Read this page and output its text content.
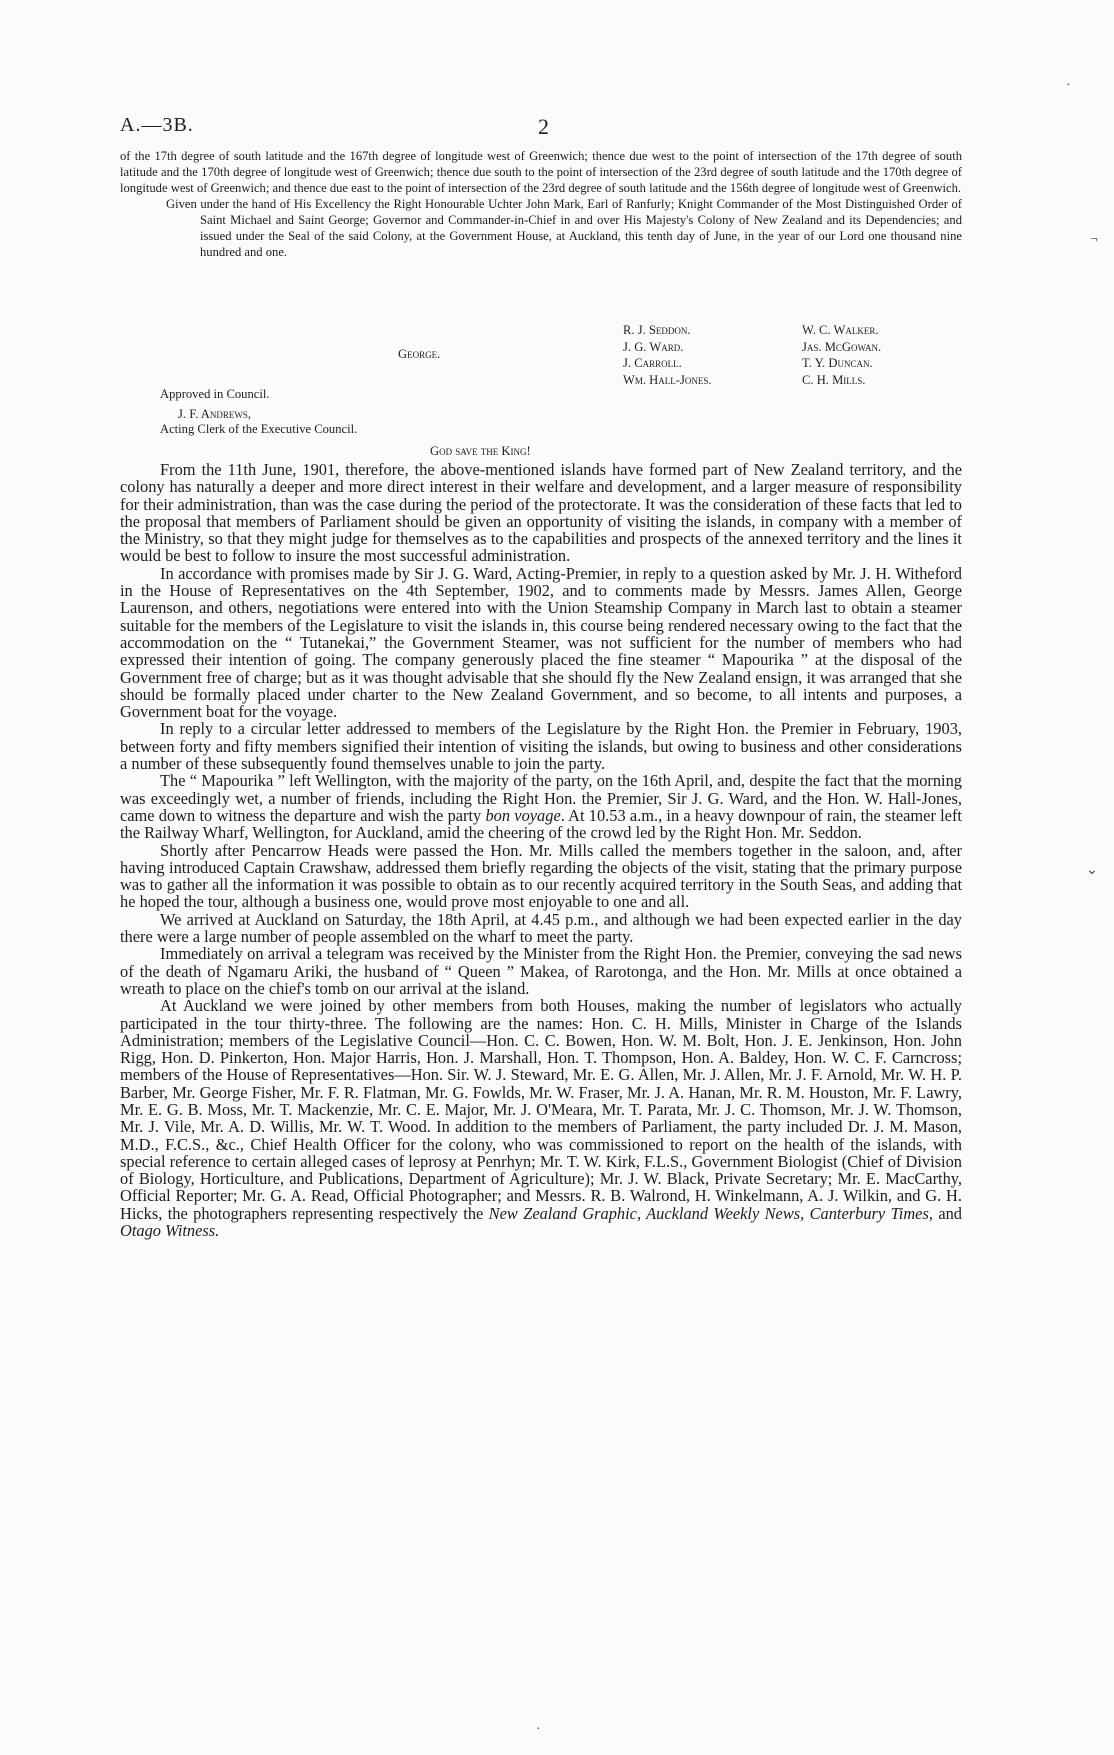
A.—3B.	2

of the 17th degree of south latitude and the 167th degree of longitude west of Greenwich; thence due west to the point of intersection of the 17th degree of south latitude and the 170th degree of longitude west of Greenwich; thence due south to the point of intersection of the 23rd degree of south latitude and the 170th degree of longitude west of Greenwich; and thence due east to the point of intersection of the 23rd degree of south latitude and the 156th degree of longitude west of Greenwich.

Given under the hand of His Excellency the Right Honourable Uchter John Mark, Earl of Ranfurly; Knight Commander of the Most Distinguished Order of Saint Michael and Saint George; Governor and Commander-in-Chief in and over His Majesty's Colony of New Zealand and its Dependencies; and issued under the Seal of the said Colony, at the Government House, at Auckland, this tenth day of June, in the year of our Lord one thousand nine hundred and one.

George.
R. J. Seddon.
J. G. Ward.
J. Carroll.
Wm. Hall-Jones.
W. C. Walker.
Jas. McGowan.
T. Y. Duncan.
C. H. Mills.
Approved in Council.
J. F. Andrews,
Acting Clerk of the Executive Council.
God save the King!

From the 11th June, 1901, therefore, the above-mentioned islands have formed part of New Zealand territory, and the colony has naturally a deeper and more direct interest in their welfare and development, and a larger measure of responsibility for their administration, than was the case during the period of the protectorate. It was the consideration of these facts that led to the proposal that members of Parliament should be given an opportunity of visiting the islands, in company with a member of the Ministry, so that they might judge for themselves as to the capabilities and prospects of the annexed territory and the lines it would be best to follow to insure the most successful administration.

In accordance with promises made by Sir J. G. Ward, Acting-Premier, in reply to a question asked by Mr. J. H. Witheford in the House of Representatives on the 4th September, 1902, and to comments made by Messrs. James Allen, George Laurenson, and others, negotiations were entered into with the Union Steamship Company in March last to obtain a steamer suitable for the members of the Legislature to visit the islands in, this course being rendered necessary owing to the fact that the accommodation on the “ Tutanekai,” the Government Steamer, was not sufficient for the number of members who had expressed their intention of going. The company generously placed the fine steamer “ Mapourika ” at the disposal of the Government free of charge; but as it was thought advisable that she should fly the New Zealand ensign, it was arranged that she should be formally placed under charter to the New Zealand Government, and so become, to all intents and purposes, a Government boat for the voyage.

In reply to a circular letter addressed to members of the Legislature by the Right Hon. the Premier in February, 1903, between forty and fifty members signified their intention of visiting the islands, but owing to business and other considerations a number of these subsequently found themselves unable to join the party.

The “ Mapourika ” left Wellington, with the majority of the party, on the 16th April, and, despite the fact that the morning was exceedingly wet, a number of friends, including the Right Hon. the Premier, Sir J. G. Ward, and the Hon. W. Hall-Jones, came down to witness the departure and wish the party bon voyage. At 10.53 a.m., in a heavy downpour of rain, the steamer left the Railway Wharf, Wellington, for Auckland, amid the cheering of the crowd led by the Right Hon. Mr. Seddon.

Shortly after Pencarrow Heads were passed the Hon. Mr. Mills called the members together in the saloon, and, after having introduced Captain Crawshaw, addressed them briefly regarding the objects of the visit, stating that the primary purpose was to gather all the information it was possible to obtain as to our recently acquired territory in the South Seas, and adding that he hoped the tour, although a business one, would prove most enjoyable to one and all.

We arrived at Auckland on Saturday, the 18th April, at 4.45 p.m., and although we had been expected earlier in the day there were a large number of people assembled on the wharf to meet the party.

Immediately on arrival a telegram was received by the Minister from the Right Hon. the Premier, conveying the sad news of the death of Ngamaru Ariki, the husband of “ Queen ” Makea, of Rarotonga, and the Hon. Mr. Mills at once obtained a wreath to place on the chief's tomb on our arrival at the island.

At Auckland we were joined by other members from both Houses, making the number of legislators who actually participated in the tour thirty-three. The following are the names: Hon. C. H. Mills, Minister in Charge of the Islands Administration; members of the Legislative Council—Hon. C. C. Bowen, Hon. W. M. Bolt, Hon. J. E. Jenkinson, Hon. John Rigg, Hon. D. Pinkerton, Hon. Major Harris, Hon. J. Marshall, Hon. T. Thompson, Hon. A. Baldey, Hon. W. C. F. Carncross; members of the House of Representatives—Hon. Sir. W. J. Steward, Mr. E. G. Allen, Mr. J. Allen, Mr. J. F. Arnold, Mr. W. H. P. Barber, Mr. George Fisher, Mr. F. R. Flatman, Mr. G. Fowlds, Mr. W. Fraser, Mr. J. A. Hanan, Mr. R. M. Houston, Mr. F. Lawry, Mr. E. G. B. Moss, Mr. T. Mackenzie, Mr. C. E. Major, Mr. J. O'Meara, Mr. T. Parata, Mr. J. C. Thomson, Mr. J. W. Thomson, Mr. J. Vile, Mr. A. D. Willis, Mr. W. T. Wood. In addition to the members of Parliament, the party included Dr. J. M. Mason, M.D., F.C.S., &c., Chief Health Officer for the colony, who was commissioned to report on the health of the islands, with special reference to certain alleged cases of leprosy at Penrhyn; Mr. T. W. Kirk, F.L.S., Government Biologist (Chief of Division of Biology, Horticulture, and Publications, Department of Agriculture); Mr. J. W. Black, Private Secretary; Mr. E. MacCarthy, Official Reporter; Mr. G. A. Read, Official Photographer; and Messrs. R. B. Walrond, H. Winkelmann, A. J. Wilkin, and G. H. Hicks, the photographers representing respectively the New Zealand Graphic, Auckland Weekly News, Canterbury Times, and Otago Witness.

·
¬
⌄
·
